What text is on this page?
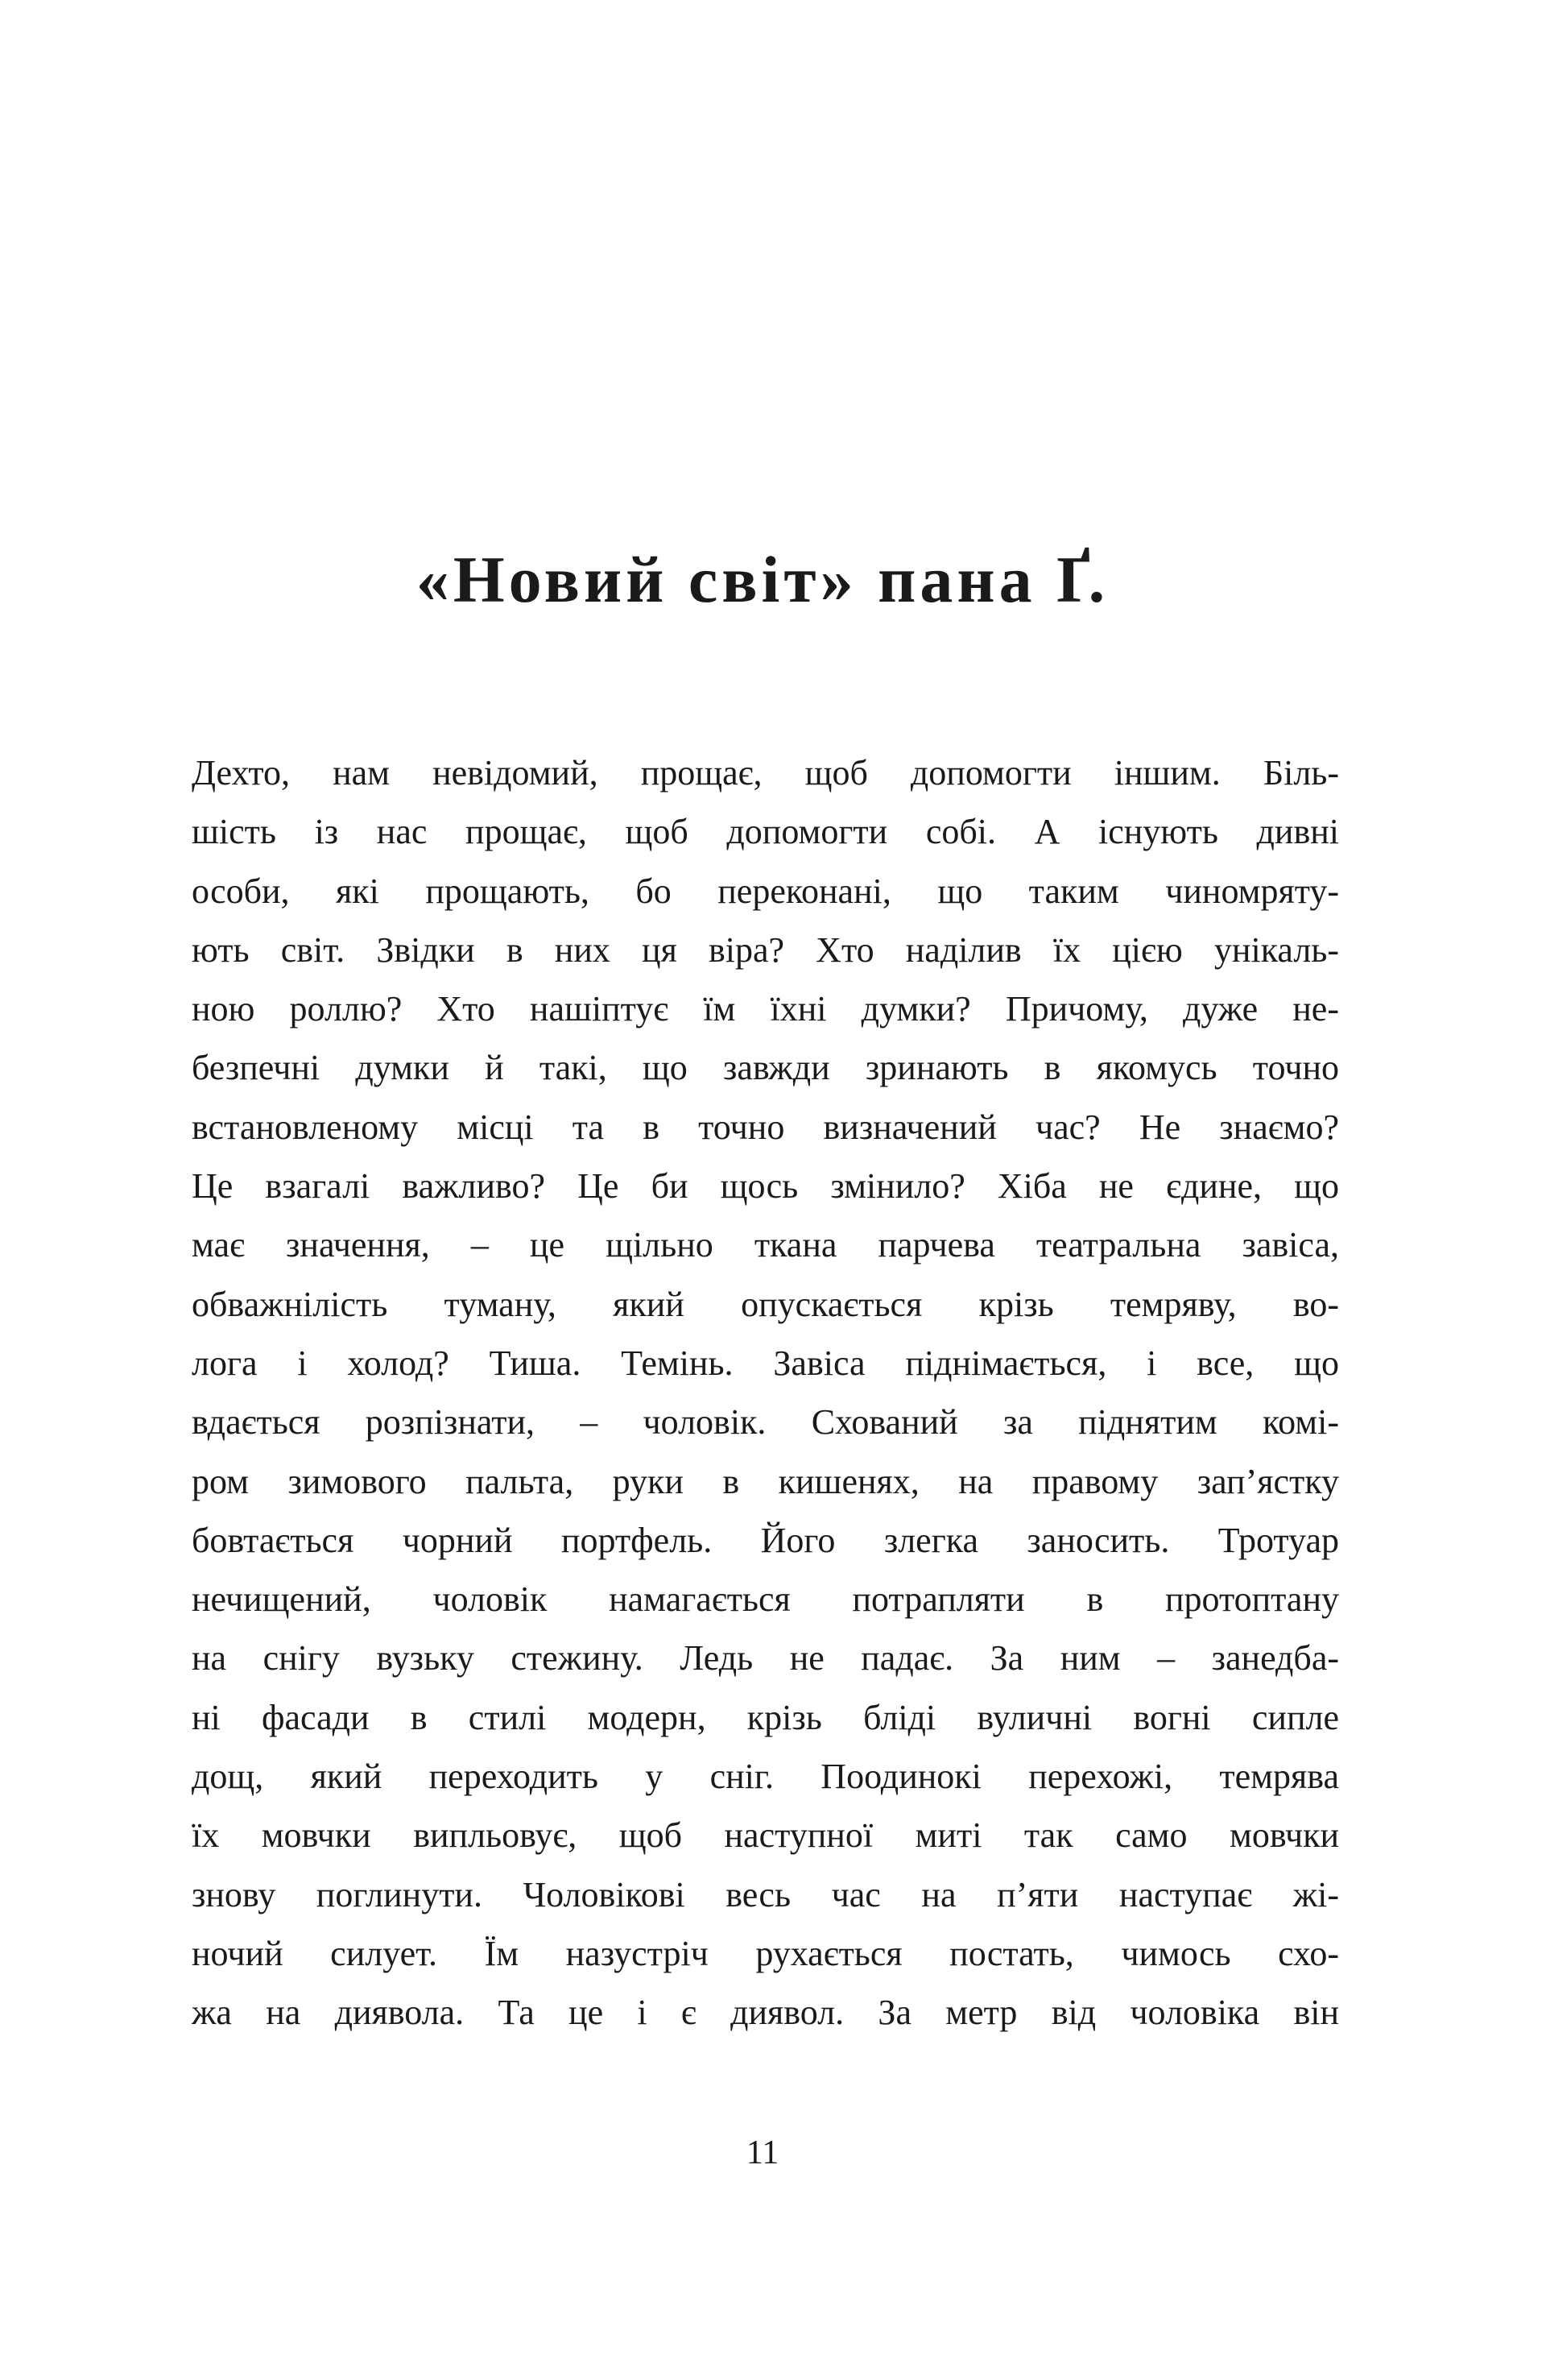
«Новий світ» пана Ґ.
Дехто, нам невідомий, прощає, щоб допомогти іншим. Біль-
шість із нас прощає, щоб допомогти собі. А існують дивні
особи, які прощають, бо переконані, що таким чиномряту-
ють світ. Звідки в них ця віра? Хто наділив їх цією унікаль-
ною роллю? Хто нашіптує їм їхні думки? Причому, дуже не-
безпечні думки й такі, що завжди зринають в якомусь точно
встановленому місці та в точно визначений час? Не знаємо?
Це взагалі важливо? Це би щось змінило? Хіба не єдине, що
має значення, – це щільно ткана парчева театральна завіса,
обважнілість туману, який опускається крізь темряву, во-
лога і холод? Тиша. Темінь. Завіса піднімається, і все, що
вдається розпізнати, – чоловік. Схований за піднятим комі-
ром зимового пальта, руки в кишенях, на правому зап’ястку
бовтається чорний портфель. Його злегка заносить. Тротуар
нечищений, чоловік намагається потрапляти в протоптану
на снігу вузьку стежину. Ледь не падає. За ним – занедба-
ні фасади в стилі модерн, крізь бліді вуличні вогні сипле
дощ, який переходить у сніг. Поодинокі перехожі, темрява
їх мовчки випльовує, щоб наступної миті так само мовчки
знову поглинути. Чоловікові весь час на п’яти наступає жі-
ночий силует. Їм назустріч рухається постать, чимось схо-
жа на диявола. Та це і є диявол. За метр від чоловіка він
11
